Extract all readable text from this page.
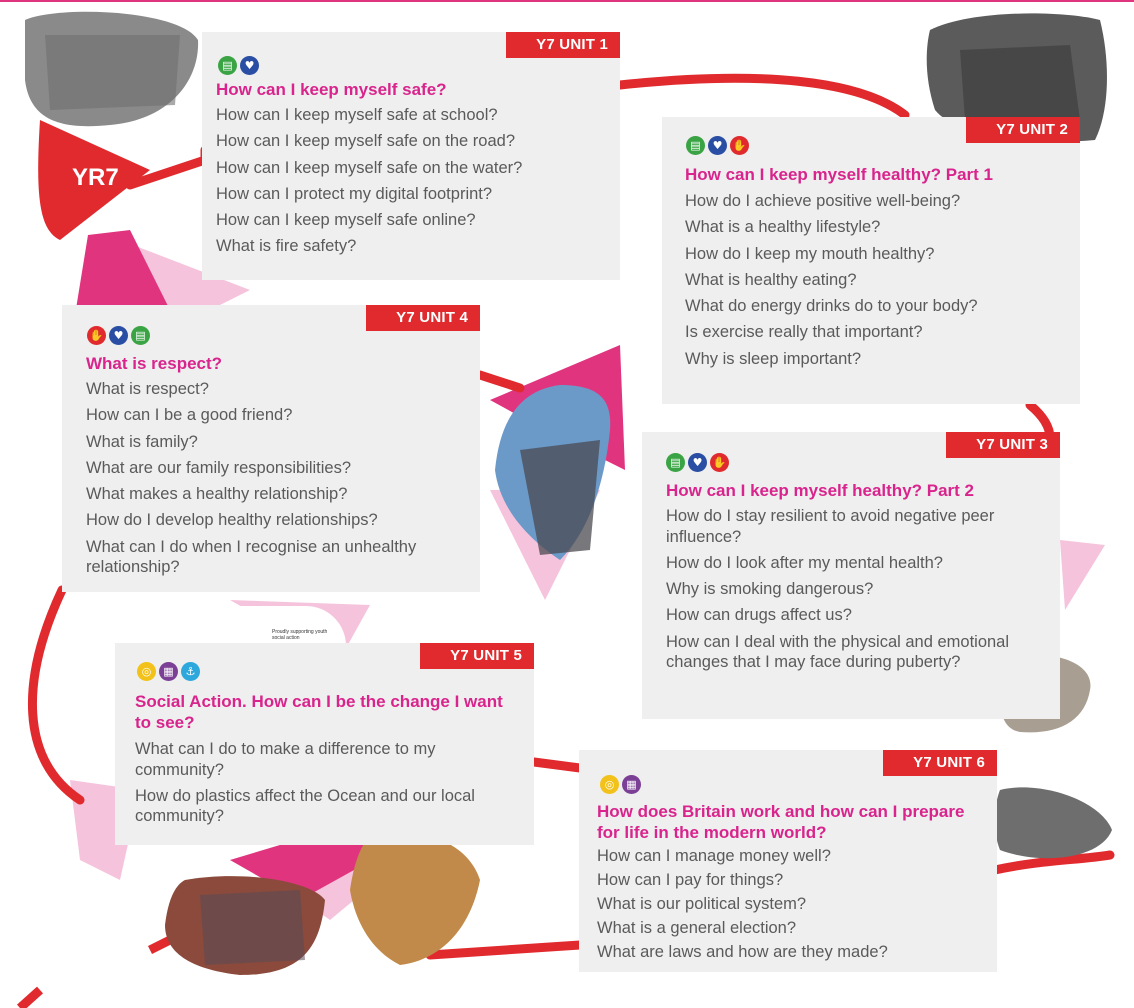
YR7
Proudly supporting youth social action
Y7 UNIT 1
▤	♥
How can I keep myself safe?
How can I keep myself safe at school?
How can I keep myself safe on the road?
How can I keep myself safe on the water?
How can I protect my digital footprint?
How can I keep myself safe online?
What is fire safety?
Y7 UNIT 2
▤	♥ ✋
How can I keep myself healthy? Part 1
How do I achieve positive well-being?
What is a healthy lifestyle?
How do I keep my mouth healthy?
What is healthy eating?
What do energy drinks do to your body?
Is exercise really that important?
Why is sleep important?
Y7 UNIT 4
✋ ♥	▤
What is respect?
What is respect?
How can I be a good friend?
What is family?
What are our family responsibilities?
What makes a healthy relationship?
How do I develop healthy relationships?
What can I do when I recognise an unhealthy relationship?
Y7 UNIT 3
▤	♥ ✋
How can I keep myself healthy? Part 2
How do I stay resilient to avoid negative peer influence?
How do I look after my mental health?
Why is smoking dangerous?
How can drugs affect us?
How can I deal with the physical and emotional changes that I may face during puberty?
Y7 UNIT 5
◎	▦	⚓
Social Action. How can I be the change I want to see?
What can I do to make a difference to my community?
How do plastics affect the Ocean and our local community?
Y7 UNIT 6
◎	▦
How does Britain work and how can I prepare for life in the modern world?
How can I manage money well?
How can I pay for things?
What is our political system?
What is a general election?
What are laws and how are they made?
